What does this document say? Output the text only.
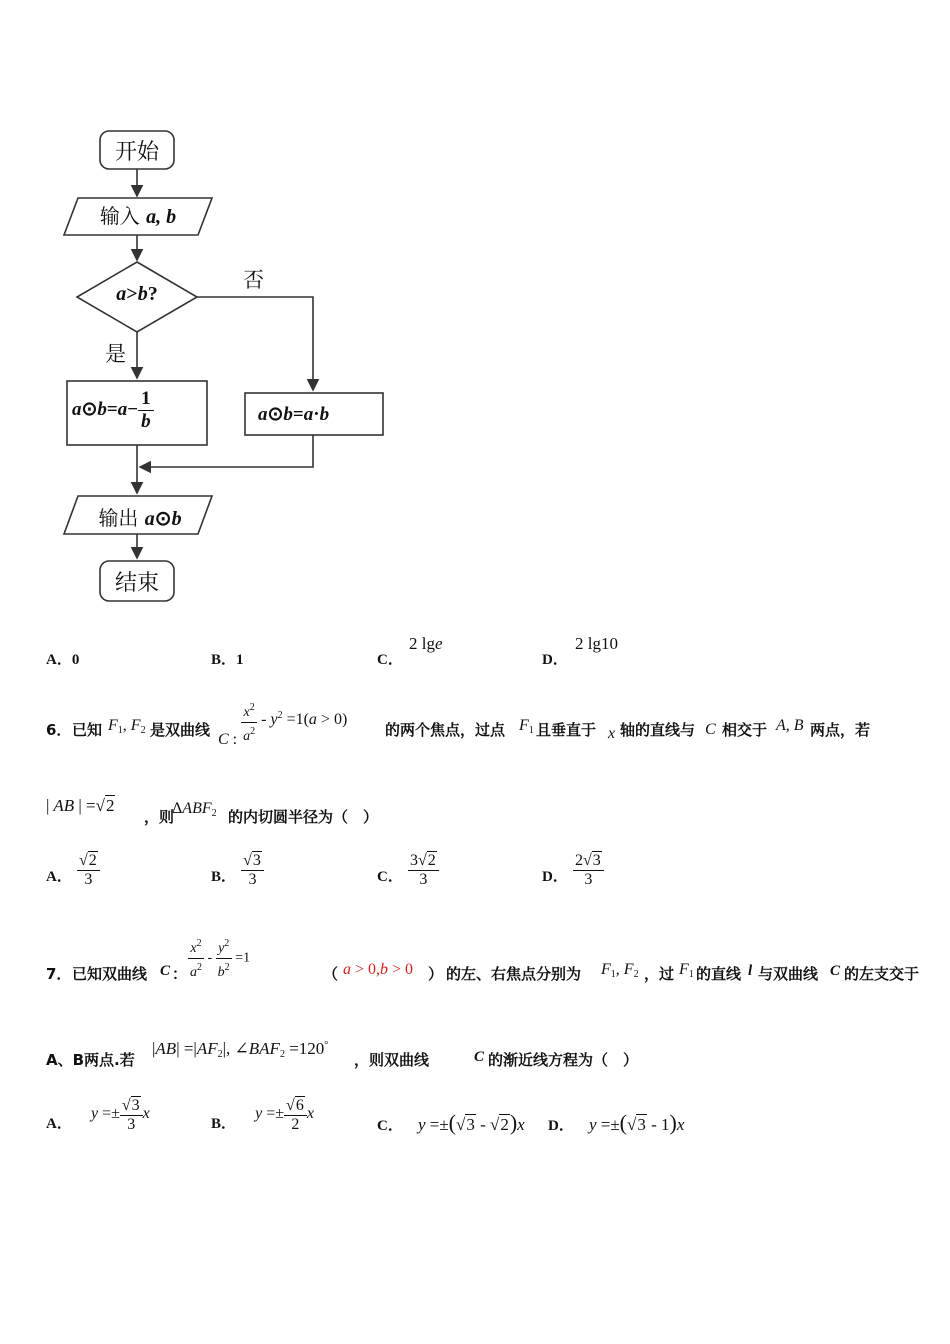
开始
输入 a, b
a>b?
否
是
a⊙b=a− $\frac{1}{b}$	a⊙b=a·b
输出 a⊙b
结束
A．0	B．1	C．
2 lge
D．
2 lg10
6． 已知 $F_1$, $F_2$ 是双曲线
C : $\frac{x^2}{a^2} - y^2 =1(a > 0)$
的两个焦点，过点 $F_1$ 且垂直于 x 轴的直线与 C 相交于 A, B 两点，若
| AB | =√2
，则
$\Delta ABF_2$ 的内切圆半径为（　）
A． $\frac{√2}{3}$	B． $\frac{√3}{3}$	C． $\frac{3√2}{3}$	D． $\frac{2√3}{3}$
7． 已知双曲线 C ： $\frac{x^2}{a^2} - \frac{y^2}{b^2} =1$
（ a > 0,b > 0 ） 的左、右焦点分别为 $F_1$, $F_2$ ，过 $F_1$ 的直线 l 与双曲线 C 的左支交于
A、B两点.若
$|AB| =|AF_2|$, $\angle BAF_2 =120^\circ$
，则双曲线	C 的渐近线方程为（　）
A． $y =\pm \frac{√3}{3}$ x
B． $y =\pm \frac{√6}{2}$ x
C． y =±(√3 - √2)x D． y =±(√3 - 1)x
